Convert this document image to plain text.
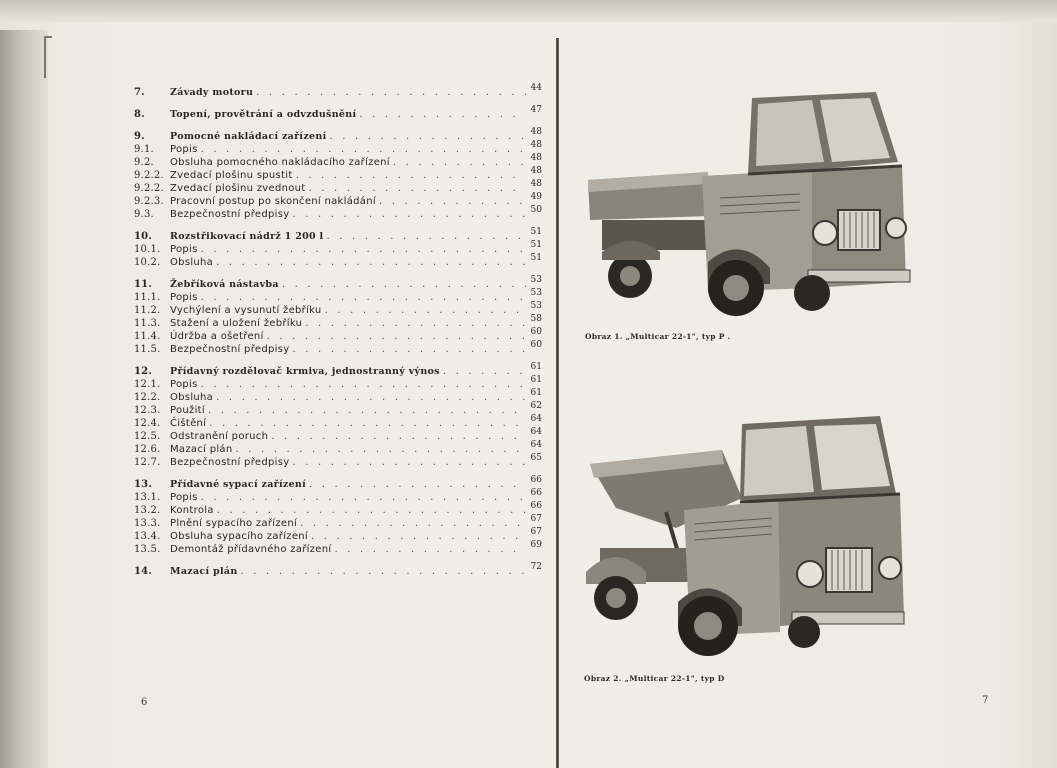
7.	Závady motoru . . .	44
8.	Topení, provětrání a odvzdušnění . . .	47
9.	Pomocné nakládací zařízení . . .	48
9.1.	Popis . . .	48
9.2.	Obsluha pomocného nakládacího zařízení . . .	48
9.2.2. Zvedací plošinu spustit . . .	48
9.2.2. Zvedací plošinu zvednout . . .	48
9.2.3. Pracovní postup po skončení nakládání . . .	49
9.3.	Bezpečnostní předpisy . . .	50
10.	Rozstřikovací nádrž 1 200 l . . .	51
10.1. Popis . . .	51
10.2. Obsluha . . .	51
11.	Žebříková nástavba . . .	53
11.1. Popis . . .	53
11.2. Vychýlení a vysunutí žebříku . . .	53
11.3. Stažení a uložení žebříku . . .	58
11.4. Údržba a ošetření . . .	60
11.5. Bezpečnostní předpisy . . .	60
12.	Přídavný rozdělovač krmiva, jednostranný výnos . . .	61
12.1. Popis . . .	61
12.2. Obsluha . . .	61
12.3. Použití . . .	62
12.4. Čištění . . .	64
12.5. Odstranění poruch . . .	64
12.6. Mazací plán . . .	64
12.7. Bezpečnostní předpisy . . .	65
13.	Přídavné sypací zařízení . . .	66
13.1. Popis . . .	66
13.2. Kontrola . . .	66
13.3. Plnění sypacího zařízení . . .	67
13.4. Obsluha sypacího zařízení . . .	67
13.5. Demontáž přídavného zařízení . . .	69
14.	Mazací plán . . .	72
6
Obraz 1. „Multicar 22-1", typ P .
Obraz 2. „Multicar 22-1", typ D
7
